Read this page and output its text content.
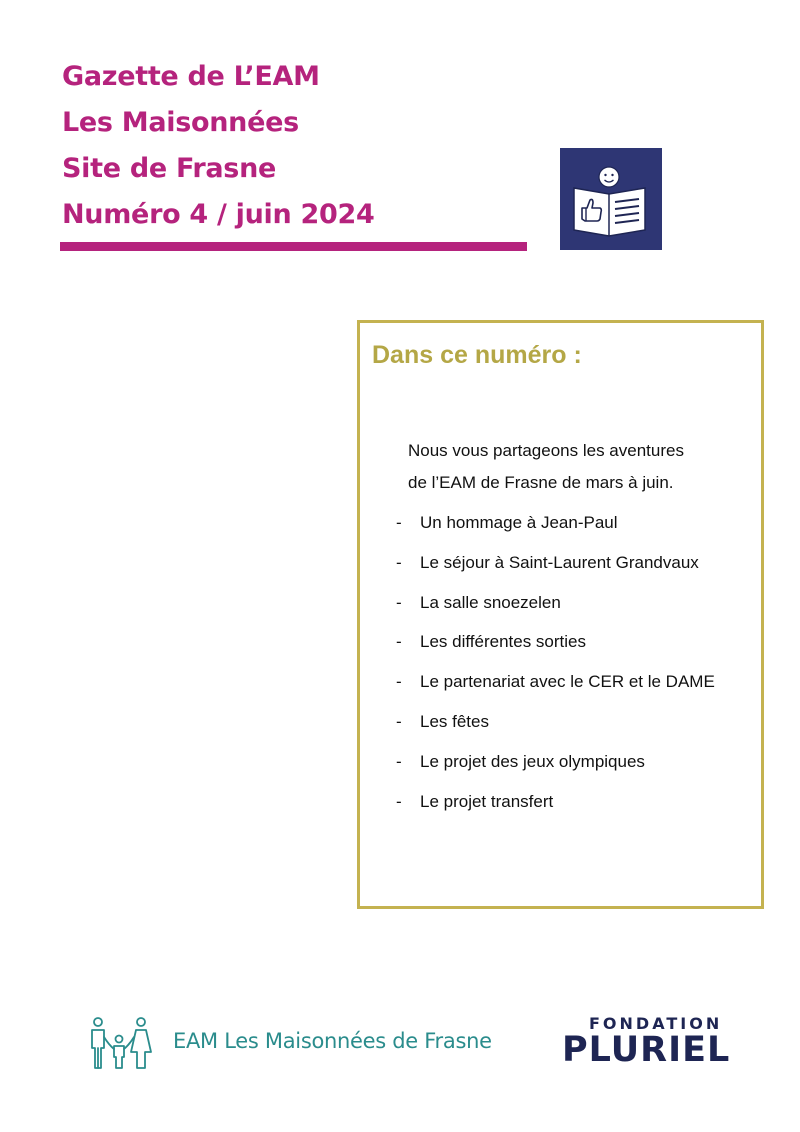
Gazette de L’EAM
Les Maisonnées
Site de Frasne
Numéro 4 / juin 2024
Dans ce numéro :

Nous vous partageons les aventures
de l’EAM de Frasne de mars à juin.

- Un hommage à Jean-Paul
- Le séjour à Saint-Laurent Grandvaux
- La salle snoezelen
- Les différentes sorties
- Le partenariat avec le CER et le DAME
- Les fêtes
- Le projet des jeux olympiques
- Le projet transfert
EAM Les Maisonnées de Frasne
FONDATION
PLURIEL
